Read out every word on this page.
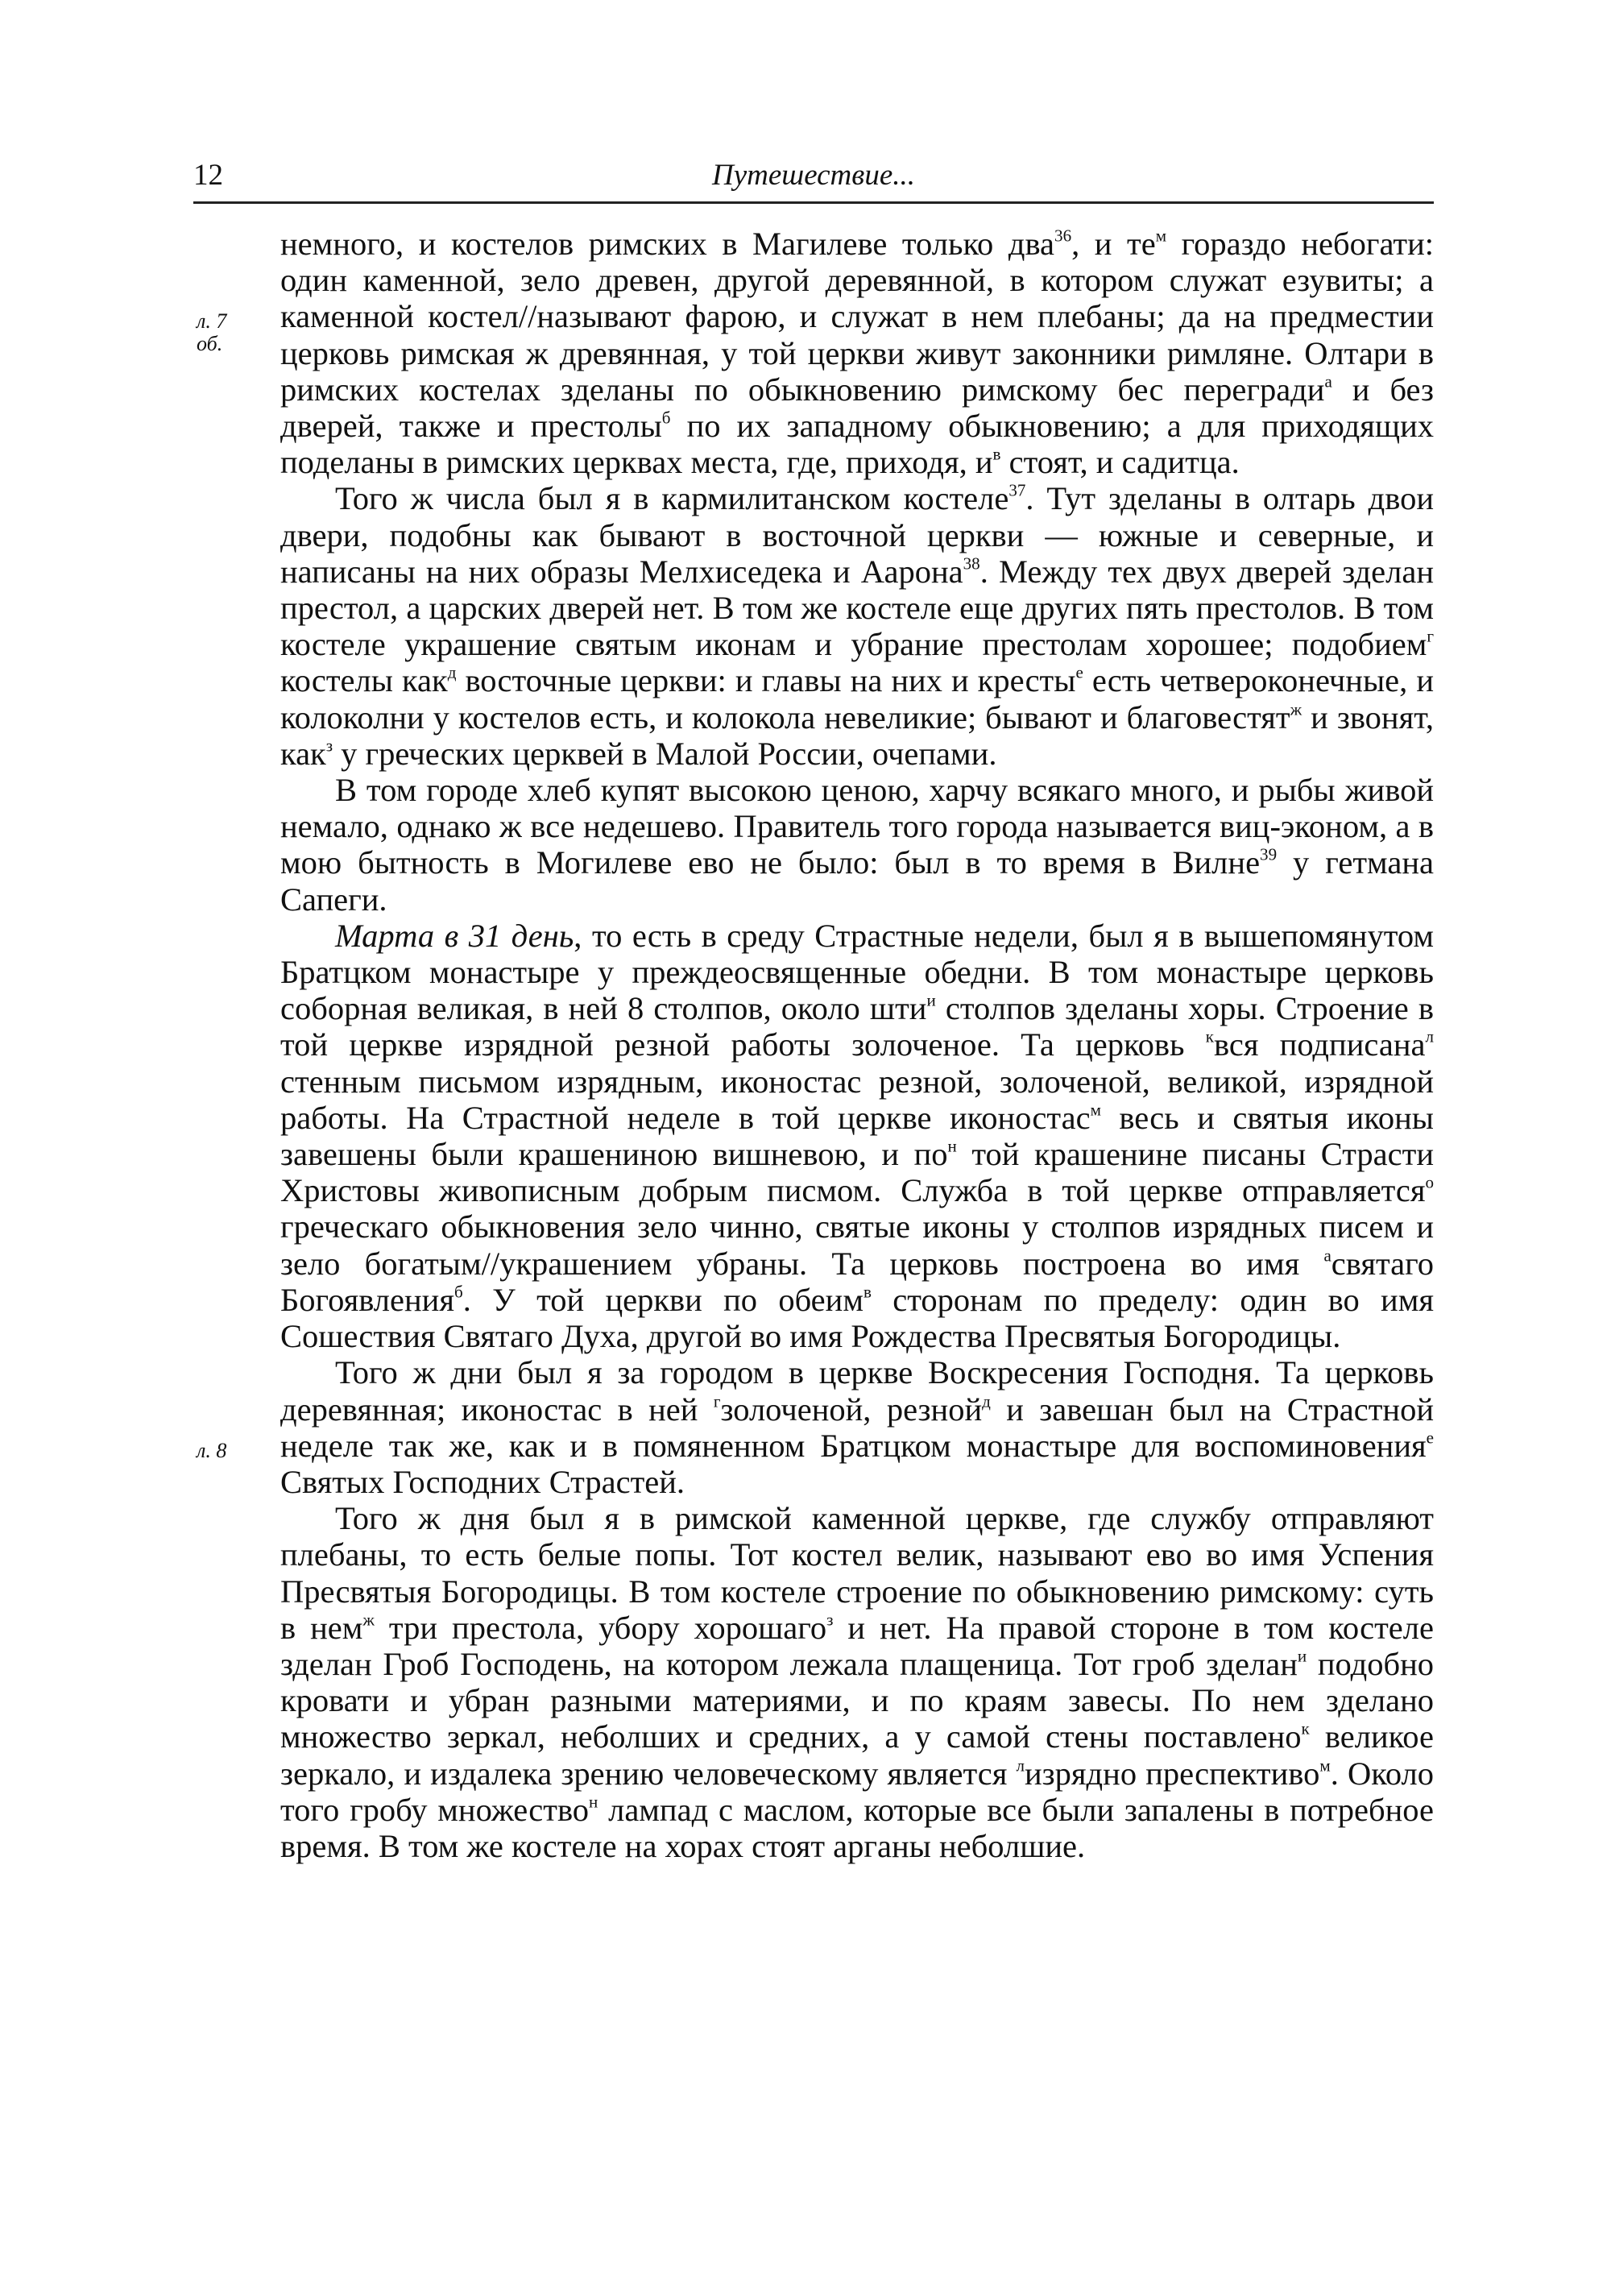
12	Путешествие...
л. 7
об.
л. 8

немного, и костелов римских в Магилеве только два$^{36}$, и $те^м$ гораздо небогати: один каменной, зело древен, другой деревянной, в котором служат езувиты; а каменной костел//называют фарою, и служат в нем плебаны; да на предместии церковь римская ж древянная, у той церкви живут законники римляне. Олтари в римских костелах зделаны по обыкновению римскому бес перегради$^а$ и без дверей, также и престолы$^б$ по их западному обыкновению; а для приходящих поделаны в римских церквах места, где, приходя, $и^в$ стоят, и садитца.

Того ж числа был я в кармилитанском костеле$^{37}$. Тут зделаны в олтарь двои двери, подобны как бывают в восточной церкви — южные и северные, и написаны на них образы Мелхиседека и Аарона$^{38}$. Между тех двух дверей зделан престол, а царских дверей нет. В том же костеле еще других пять престолов. В том костеле украшение святым иконам и убрание престолам хорошее; подобием$^г$ костелы как$^д$ восточные церкви: и главы на них и кресты$^е$ есть четвероконечные, и колоколни у костелов есть, и колокола невеликие; бывают и благовестят$^ж$ и звонят, как$^з$ у греческих церквей в Малой России, очепами.

В том городе хлеб купят высокою ценою, харчу всякаго много, и рыбы живой немало, однако ж все недешево. Правитель того города называется виц-эконом, а в мою бытность в Могилеве ево не было: был в то время в Вилне$^{39}$ у гетмана Сапеги.

Марта в 31 день, то есть в среду Страстные недели, был я в вышепомянутом Братцком монастыре у преждеосвященные обедни. В том монастыре церковь соборная великая, в ней 8 столпов, около шти$^и$ столпов зделаны хоры. Строение в той церкве изрядной резной работы золоченое. Та церковь $^к$вся подписана$^л$ стенным письмом изрядным, иконостас резной, золоченой, великой, изрядной работы. На Страстной неделе в той церкве иконостас$^м$ весь и святыя иконы завешены были крашениною вишневою, и $по^н$ той крашенине писаны Страсти Христовы живописным добрым писмом. Служба в той церкве отправляется$^о$ греческаго обыкновения зело чинно, святые иконы у столпов изрядных писем и зело богатым//украшением убраны. Та церковь построена во имя $^а$святаго Богоявления$^б$. У той церкви по обеим$^в$ сторонам по пределу: один во имя Сошествия Святаго Духа, другой во имя Рождества Пресвятыя Богородицы.

Того ж дни был я за городом в церкве Воскресения Господня. Та церковь деревянная; иконостас в ней $^г$золоченой, резной$^д$ и завешан был на Страстной неделе так же, как и в помяненном Братцком монастыре для воспоминовения$^е$ Святых Господних Страстей.

Того ж дня был я в римской каменной церкве, где службу отправляют плебаны, то есть белые попы. Тот костел велик, называют ево во имя Успения Пресвятыя Богородицы. В том костеле строение по обыкновению римскому: суть в нем$^ж$ три престола, убору хорошаго$^з$ и нет. На правой стороне в том костеле зделан Гроб Господень, на котором лежала плащеница. Тот гроб зделан$^и$ подобно кровати и убран разными материями, и по краям завесы. По нем зделано множество зеркал, неболших и средних, а у самой стены поставлено$^к$ великое зеркало, и издалека зрению человеческому является $^л$изрядно преспективо$^м$. Около того гробу множество$^н$ лампад с маслом, которые все были запалены в потребное время. В том же костеле на хорах стоят арганы неболшие.
